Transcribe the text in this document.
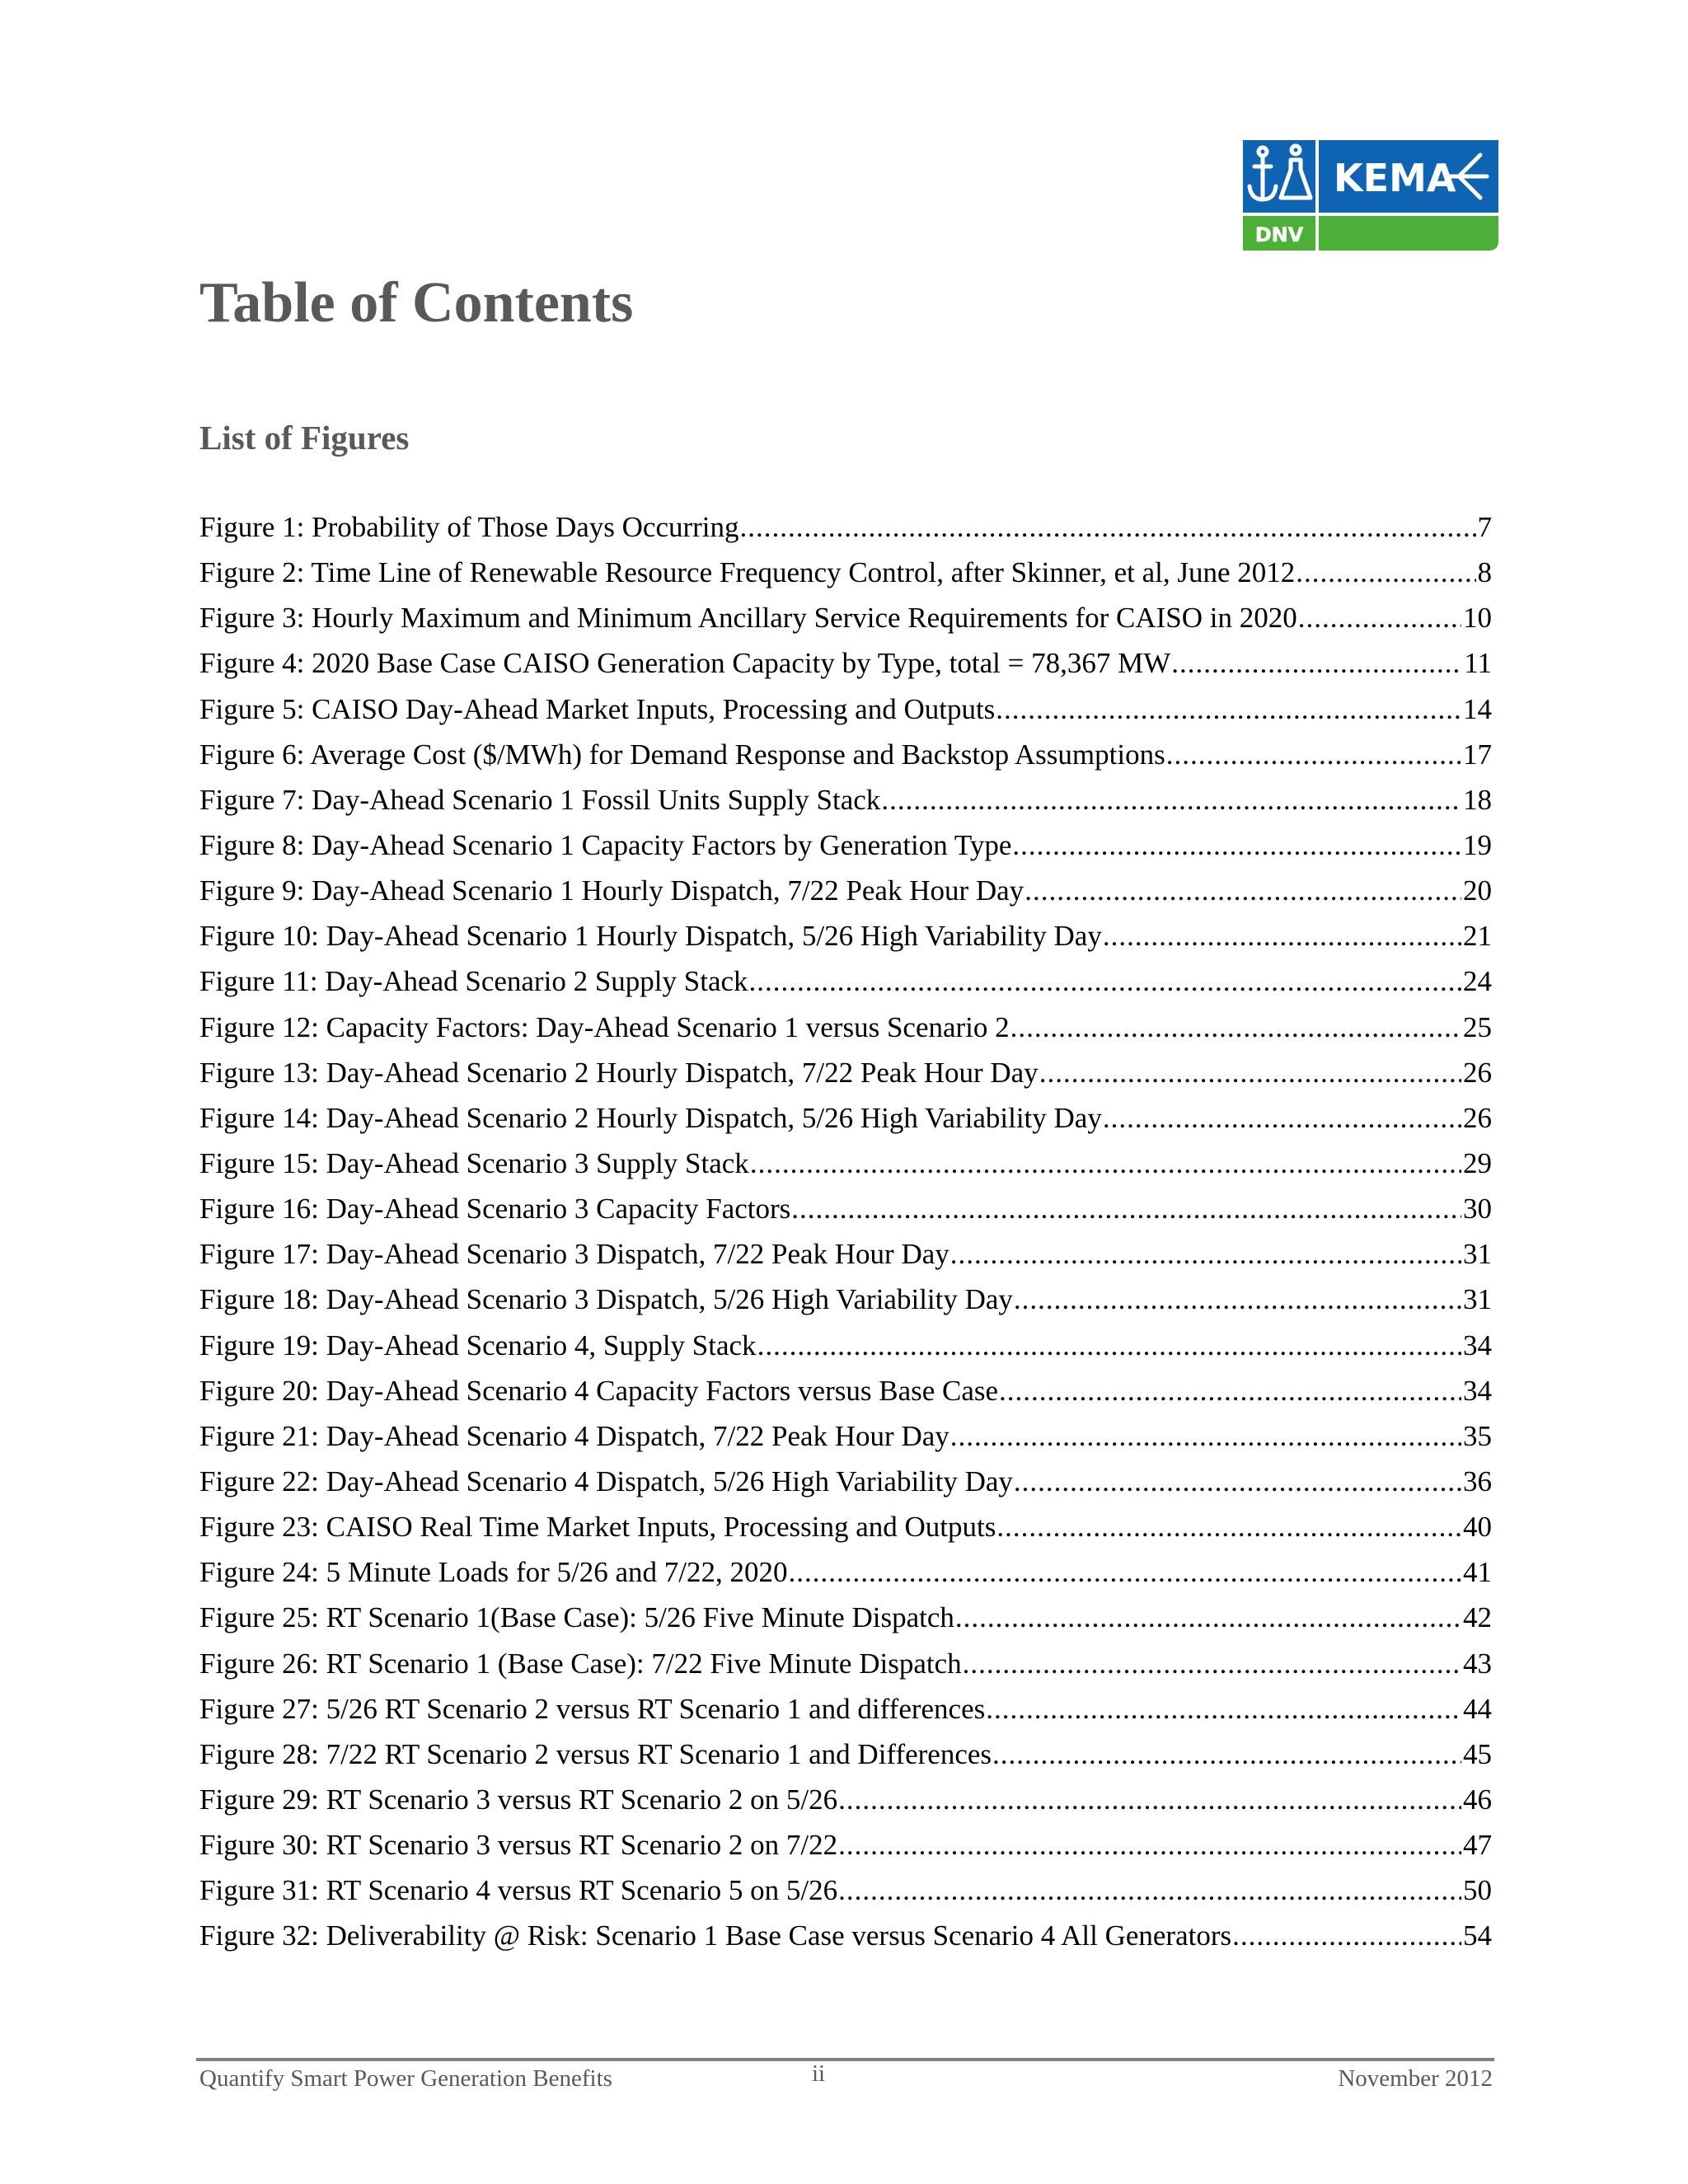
KEMA
DNV
Table of Contents
List of Figures
Figure 1: Probability of Those Days Occurring .....	7
Figure 2: Time Line of Renewable Resource Frequency Control, after Skinner, et al, June 2012 .....	8
Figure 3: Hourly Maximum and Minimum Ancillary Service Requirements for CAISO in 2020 .....	10
Figure 4: 2020 Base Case CAISO Generation Capacity by Type, total = 78,367 MW .....	11
Figure 5: CAISO Day-Ahead Market Inputs, Processing and Outputs .....	14
Figure 6: Average Cost ($/MWh) for Demand Response and Backstop Assumptions .....	17
Figure 7: Day-Ahead Scenario 1 Fossil Units Supply Stack .....	18
Figure 8: Day-Ahead Scenario 1 Capacity Factors by Generation Type .....	19
Figure 9: Day-Ahead Scenario 1 Hourly Dispatch, 7/22 Peak Hour Day .....	20
Figure 10: Day-Ahead Scenario 1 Hourly Dispatch, 5/26 High Variability Day .....	21
Figure 11: Day-Ahead Scenario 2 Supply Stack .....	24
Figure 12: Capacity Factors: Day-Ahead Scenario 1 versus Scenario 2 .....	25
Figure 13: Day-Ahead Scenario 2 Hourly Dispatch, 7/22 Peak Hour Day .....	26
Figure 14: Day-Ahead Scenario 2 Hourly Dispatch, 5/26 High Variability Day .....	26
Figure 15: Day-Ahead Scenario 3 Supply Stack .....	29
Figure 16: Day-Ahead Scenario 3 Capacity Factors .....	30
Figure 17: Day-Ahead Scenario 3 Dispatch, 7/22 Peak Hour Day .....	31
Figure 18: Day-Ahead Scenario 3 Dispatch, 5/26 High Variability Day .....	31
Figure 19: Day-Ahead Scenario 4, Supply Stack .....	34
Figure 20: Day-Ahead Scenario 4 Capacity Factors versus Base Case .....	34
Figure 21: Day-Ahead Scenario 4 Dispatch, 7/22 Peak Hour Day .....	35
Figure 22: Day-Ahead Scenario 4 Dispatch, 5/26 High Variability Day .....	36
Figure 23: CAISO Real Time Market Inputs, Processing and Outputs .....	40
Figure 24: 5 Minute Loads for 5/26 and 7/22, 2020 .....	41
Figure 25: RT Scenario 1(Base Case): 5/26 Five Minute Dispatch .....	42
Figure 26: RT Scenario 1 (Base Case): 7/22 Five Minute Dispatch .....	43
Figure 27: 5/26 RT Scenario 2 versus RT Scenario 1 and differences .....	44
Figure 28: 7/22 RT Scenario 2 versus RT Scenario 1 and Differences .....	45
Figure 29: RT Scenario 3 versus RT Scenario 2 on 5/26 .....	46
Figure 30: RT Scenario 3 versus RT Scenario 2 on 7/22 .....	47
Figure 31: RT Scenario 4 versus RT Scenario 5 on 5/26 .....	50
Figure 32: Deliverability @ Risk: Scenario 1 Base Case versus Scenario 4 All Generators .....	54
Quantify Smart Power Generation Benefits	ii	November 2012
